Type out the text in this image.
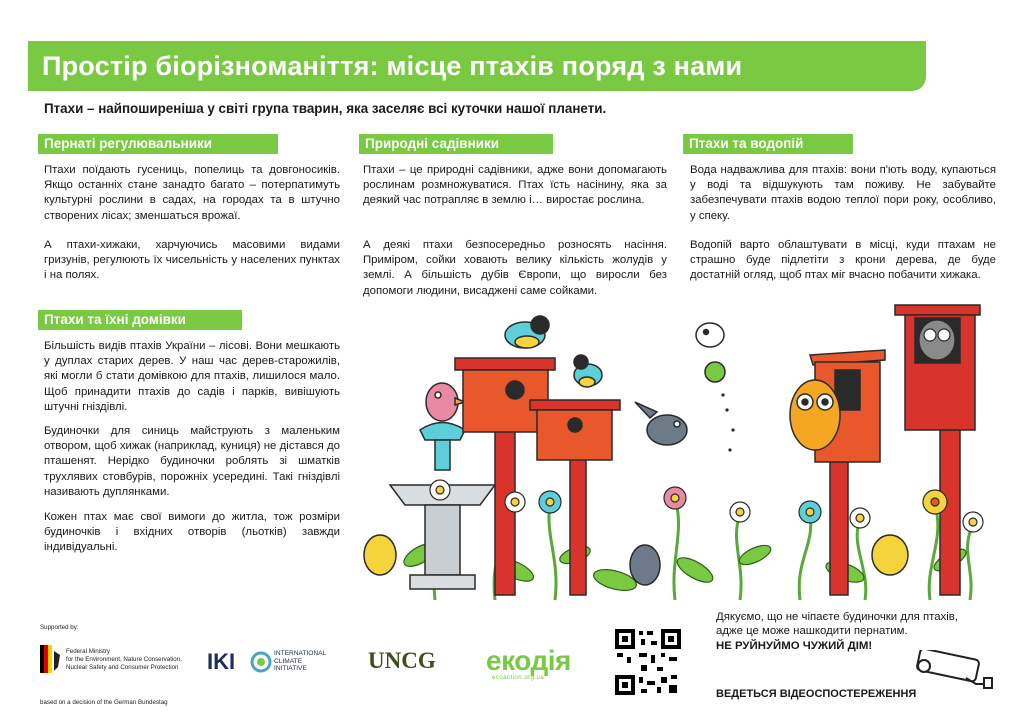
Простір біорізноманіття: місце птахів поряд з нами
Птахи – найпоширеніша у світі група тварин, яка заселяє всі куточки нашої планети.
Пернаті регулювальники
Птахи поїдають гусениць, попелиць та довгоносиків. Якщо останніх стане занадто багато – потерпатимуть культурні рослини в садах, на городах та в штучно створених лісах; зменшаться врожаї.
А птахи-хижаки, харчуючись масовими видами гризунів, регулюють їх чисельність у населених пунктах і на полях.
Природні садівники
Птахи – це природні садівники, адже вони допомагають рослинам розмножуватися. Птах їсть насінину, яка за деякий час потрапляє в землю і… виростає рослина.
А деякі птахи безпосередньо рознoсять насіння. Приміром, сойки ховають велику кількість жолудів у землі. А більшість дубів Європи, що виросли без допомоги людини, висаджені саме сойками.
Птахи та водопій
Вода надважлива для птахів: вони п'ють воду, купаються у воді та відшукують там поживу. Не забувайте забезпечувати птахів водою теплої пори року, особливо, у спеку.
Водопій варто облаштувати в місці, куди птахам не страшно буде підлетіти з крони дерева, де буде достатній огляд, щоб птах міг вчасно побачити хижака.
Птахи та їхні домівки
Більшість видів птахів України – лісові. Вони мешкають у дуплах старих дерев. У наш час дерев-старожилів, які могли б стати домівкою для птахів, лишилося мало. Щоб принадити птахів до садів і парків, вивішують штучні гніздівлі.
Будиночки для синиць майструють з маленьким отвором, щоб хижак (наприклад, куниця) не дістався до пташенят. Нерідко будиночки роблять зі шматків трухлявих стовбурів, порожніх усередині. Такі гніздівлі називають дуплянками.
Кожен птах має свої вимоги до житла, тож розміри будиночків і вхідних отворів (льотків) завжди індивідуальні.
Supported by:
Federal Ministry
for the Environment, Nature Conservation,
Nuclear Safety and Consumer Protection
based on a decision of the German Bundestag
IKI	INTERNATIONAL
CLIMATE
INITIATIVE	UNCG екодія
ecoaction.org.ua
Дякуємо, що не чіпаєте будиночки для птахів,
адже це може нашкодити пернатим.
НЕ РУЙНУЙМО ЧУЖИЙ ДІМ!
ВЕДЕТЬСЯ ВІДЕОСПОСТЕРЕЖЕННЯ
